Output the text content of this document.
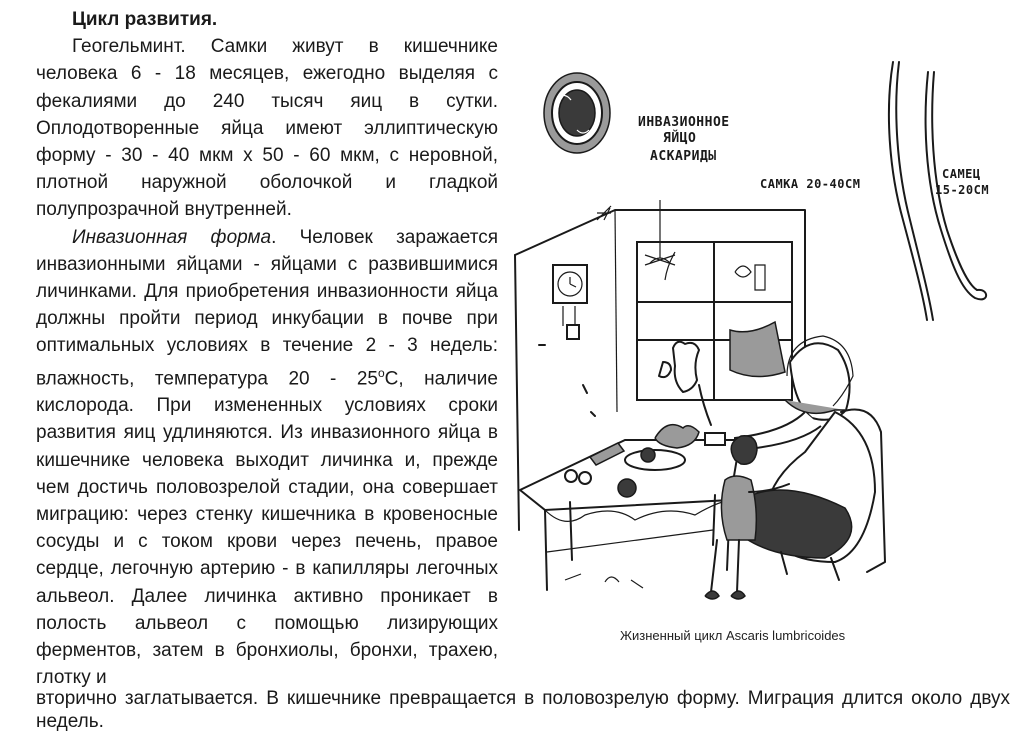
Цикл развития.

Геогельминт. Самки живут в кишечнике человека 6 - 18 месяцев, ежегодно выделяя с фекалиями до 240 тысяч яиц в сутки. Оплодотворенные яйца имеют эллиптическую форму - 30 - 40 мкм х 50 - 60 мкм, с неровной, плотной наружной оболочкой и гладкой полупрозрачной внутренней.

Инвазионная форма. Человек заражается инвазионными яйцами - яйцами с развившимися личинками. Для приобретения инвазионности яйца должны пройти период инкубации в почве при оптимальных условиях в течение 2 - 3 недель: влажность, температура 20 - 25$^o$С, наличие кислорода. При измененных условиях сроки развития яиц удлиняются. Из инвазионного яйца в кишечнике человека выходит личинка и, прежде чем достичь половозрелой стадии, она совершает миграцию: через стенку кишечника в кровеносные сосуды и с током крови через печень, правое сердце, легочную артерию - в капилляры легочных альвеол. Далее личинка активно проникает в полость альвеол с помощью лизирующих ферментов, затем в бронхиолы, бронхи, трахею, глотку и

вторично заглатывается. В кишечнике превращается в половозрелую форму. Миграция длится около двух недель.

ИНВАЗИОННОЕ
ЯЙЦО
АСКАРИДЫ
САМКА 20-40СМ
САМЕЦ
15-20СМ
Жизненный цикл Ascaris lumbricoides
